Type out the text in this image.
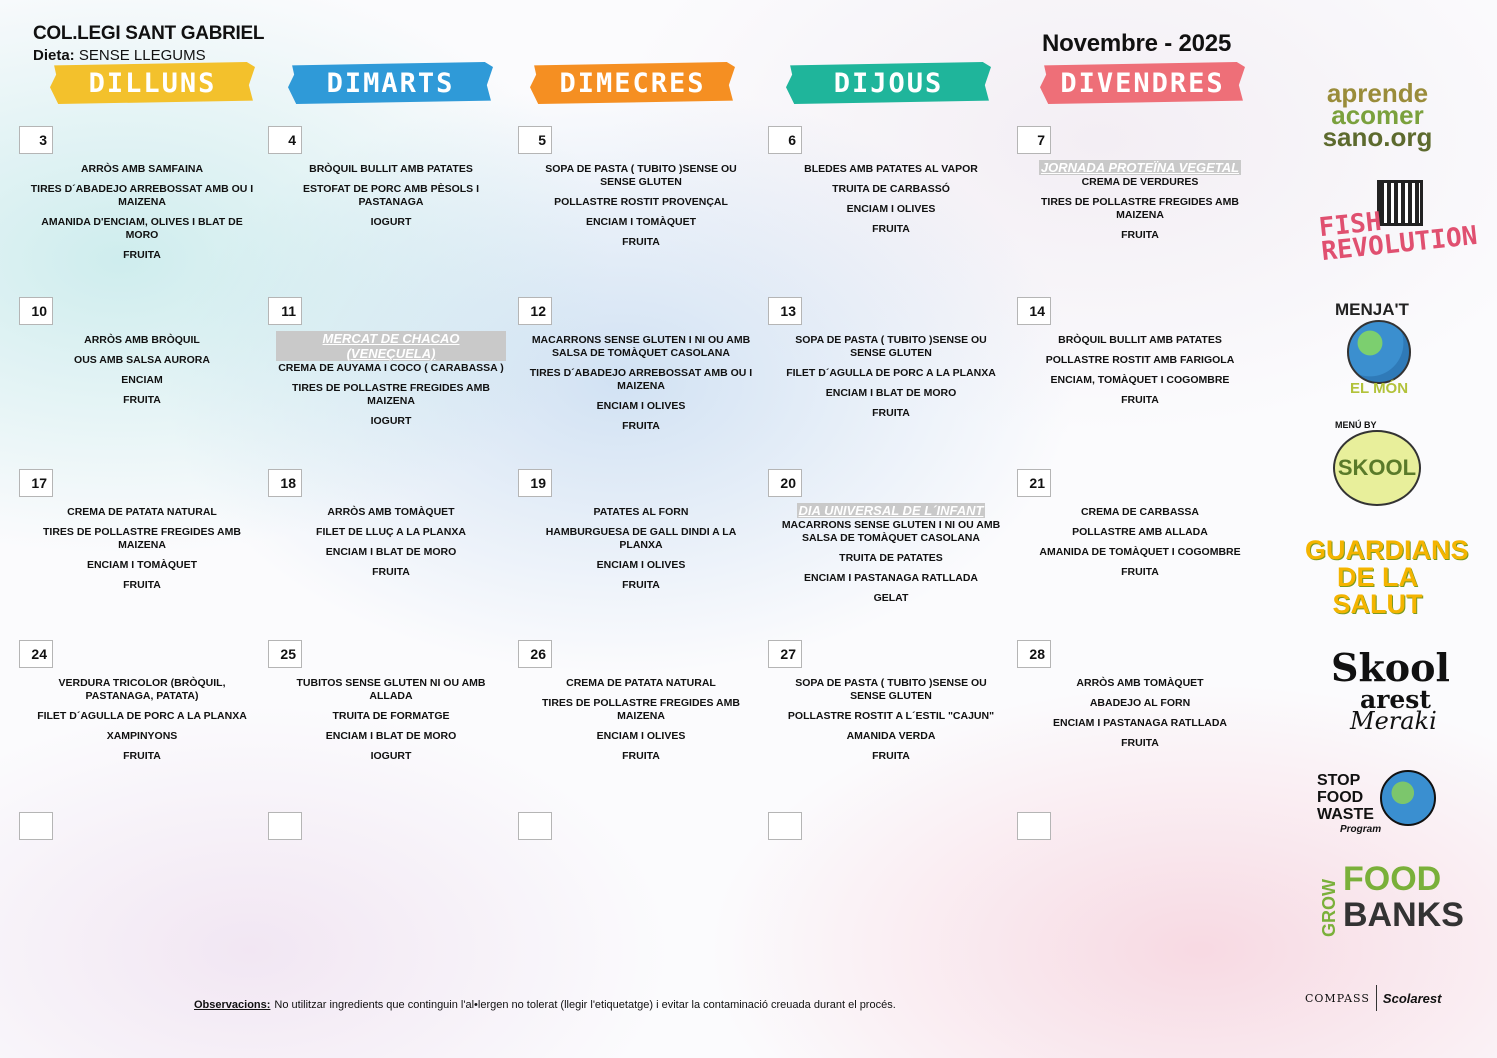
COL.LEGI SANT GABRIEL
Dieta: SENSE LLEGUMS	Novembre - 2025
DILLUNS	DIMARTS	DIMECRES	DIJOUS	DIVENDRES
3
ARRÒS AMB SAMFAINA
TIRES D´ABADEJO ARREBOSSAT AMB OU I MAIZENA
AMANIDA D'ENCIAM, OLIVES I BLAT DE MORO
FRUITA
4
BRÒQUIL BULLIT AMB PATATES
ESTOFAT DE PORC AMB PÈSOLS I PASTANAGA
IOGURT
5
SOPA DE PASTA ( TUBITO )SENSE OU SENSE GLUTEN
POLLASTRE ROSTIT PROVENÇAL
ENCIAM I TOMÀQUET
FRUITA
6
BLEDES AMB PATATES AL VAPOR
TRUITA DE CARBASSÓ
ENCIAM I OLIVES
FRUITA
7
JORNADA PROTEÏNA VEGETAL
CREMA DE VERDURES
TIRES DE POLLASTRE FREGIDES AMB MAIZENA
FRUITA
10
ARRÒS AMB BRÒQUIL
OUS AMB SALSA AURORA
ENCIAM
FRUITA
11
MERCAT DE CHACAO (VENEÇUELA)
CREMA DE AUYAMA I COCO ( CARABASSA )
TIRES DE POLLASTRE FREGIDES AMB MAIZENA
IOGURT
12
MACARRONS SENSE GLUTEN I NI OU AMB SALSA DE TOMÀQUET CASOLANA
TIRES D´ABADEJO ARREBOSSAT AMB OU I MAIZENA
ENCIAM I OLIVES
FRUITA
13
SOPA DE PASTA ( TUBITO )SENSE OU SENSE GLUTEN
FILET D´AGULLA DE PORC A LA PLANXA
ENCIAM I BLAT DE MORO
FRUITA
14
BRÒQUIL BULLIT AMB PATATES
POLLASTRE ROSTIT AMB FARIGOLA
ENCIAM, TOMÀQUET I COGOMBRE
FRUITA
17
CREMA DE PATATA NATURAL
TIRES DE POLLASTRE FREGIDES AMB MAIZENA
ENCIAM I TOMÀQUET
FRUITA
18
ARRÒS AMB TOMÀQUET
FILET DE LLUÇ A LA PLANXA
ENCIAM I BLAT DE MORO
FRUITA
19
PATATES AL FORN
HAMBURGUESA DE GALL DINDI A LA PLANXA
ENCIAM I OLIVES
FRUITA
20
DIA UNIVERSAL DE L´INFANT
MACARRONS SENSE GLUTEN I NI OU AMB SALSA DE TOMÀQUET CASOLANA
TRUITA DE PATATES
ENCIAM I PASTANAGA RATLLADA
GELAT
21
CREMA DE CARBASSA
POLLASTRE AMB ALLADA
AMANIDA DE TOMÀQUET I COGOMBRE
FRUITA
24
VERDURA TRICOLOR (BRÒQUIL, PASTANAGA, PATATA)
FILET D´AGULLA DE PORC A LA PLANXA
XAMPINYONS
FRUITA
25
TUBITOS SENSE GLUTEN NI OU AMB ALLADA
TRUITA DE FORMATGE
ENCIAM I BLAT DE MORO
IOGURT
26
CREMA DE PATATA NATURAL
TIRES DE POLLASTRE FREGIDES AMB MAIZENA
ENCIAM I OLIVES
FRUITA
27
SOPA DE PASTA ( TUBITO )SENSE OU SENSE GLUTEN
POLLASTRE ROSTIT A L´ESTIL "CAJUN"
AMANIDA VERDA
FRUITA
28
ARRÒS AMB TOMÀQUET
ABADEJO AL FORN
ENCIAM I PASTANAGA RATLLADA
FRUITA
Observacions: No utilitzar ingredients que continguin l'al•lergen no tolerat (llegir l'etiquetatge) i evitar la contaminació creuada durant el procés.
aprende
acomer
sano.org
FISH REVOLUTION
MENJA'T
EL MÓN
MENÚ BY
SKOOL
GUARDIANS DE LA SALUT
Skool
arest
Meraki
STOP FOOD WASTE
Program
GROW FOOD
BANKS
COMPASS Scolarest
